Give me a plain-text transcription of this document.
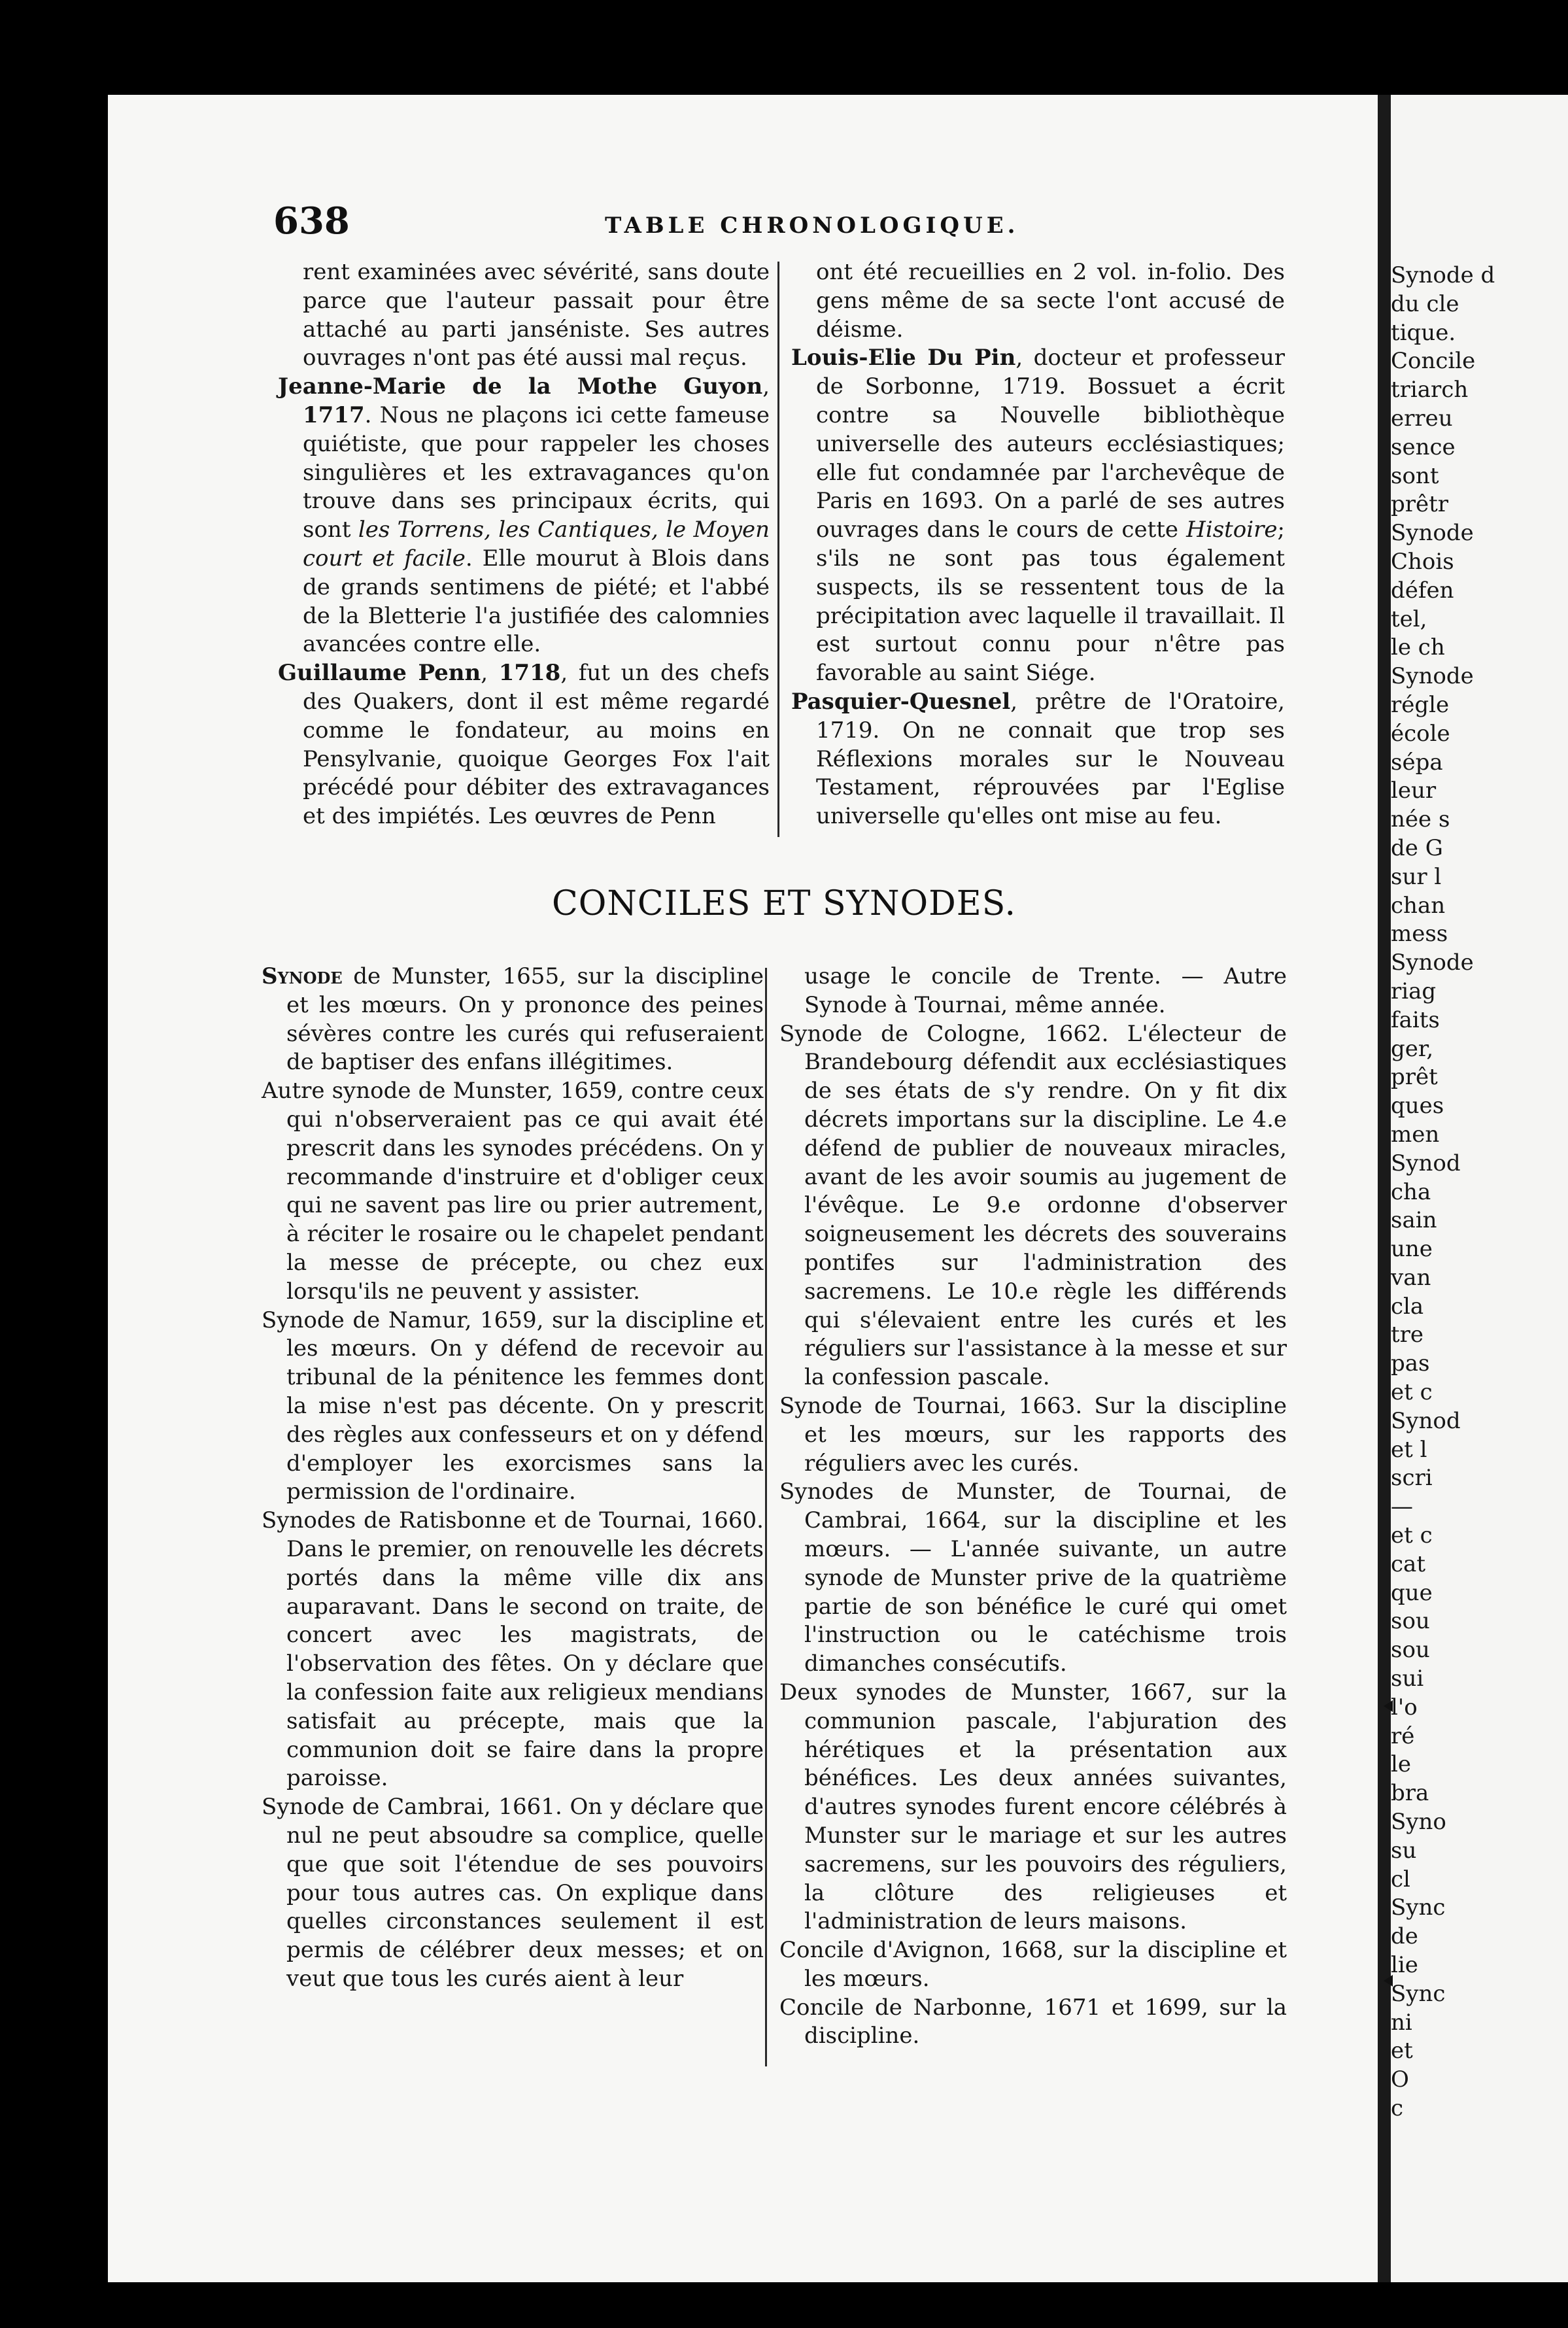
638	TABLE CHRONOLOGIQUE.

rent examinées avec sévérité, sans doute parce que l'auteur passait pour être attaché au parti janséniste. Ses autres ouvrages n'ont pas été aussi mal reçus.

Jeanne-Marie de la Mothe Guyon, 1717. Nous ne plaçons ici cette fameuse quiétiste, que pour rappeler les choses singulières et les extravagances qu'on trouve dans ses principaux écrits, qui sont les Torrens, les Cantiques, le Moyen court et facile. Elle mourut à Blois dans de grands sentimens de piété; et l'abbé de la Bletterie l'a justifiée des calomnies avancées contre elle.

Guillaume Penn, 1718, fut un des chefs des Quakers, dont il est même regardé comme le fondateur, au moins en Pensylvanie, quoique Georges Fox l'ait précédé pour débiter des extravagances et des impiétés. Les œuvres de Penn

ont été recueillies en 2 vol. in-folio. Des gens même de sa secte l'ont accusé de déisme.

Louis-Elie Du Pin, docteur et professeur de Sorbonne, 1719. Bossuet a écrit contre sa Nouvelle bibliothèque universelle des auteurs ecclésiastiques; elle fut condamnée par l'archevêque de Paris en 1693. On a parlé de ses autres ouvrages dans le cours de cette Histoire; s'ils ne sont pas tous également suspects, ils se ressentent tous de la précipitation avec laquelle il travaillait. Il est surtout connu pour n'être pas favorable au saint Siége.

Pasquier-Quesnel, prêtre de l'Oratoire, 1719. On ne connait que trop ses Réflexions morales sur le Nouveau Testament, réprouvées par l'Eglise universelle qu'elles ont mise au feu.

CONCILES ET SYNODES.

Synode de Munster, 1655, sur la discipline et les mœurs. On y prononce des peines sévères contre les curés qui refuseraient de baptiser des enfans illégitimes.

Autre synode de Munster, 1659, contre ceux qui n'observeraient pas ce qui avait été prescrit dans les synodes précédens. On y recommande d'instruire et d'obliger ceux qui ne savent pas lire ou prier autrement, à réciter le rosaire ou le chapelet pendant la messe de précepte, ou chez eux lorsqu'ils ne peuvent y assister.

Synode de Namur, 1659, sur la discipline et les mœurs. On y défend de recevoir au tribunal de la pénitence les femmes dont la mise n'est pas décente. On y prescrit des règles aux confesseurs et on y défend d'employer les exorcismes sans la permission de l'ordinaire.

Synodes de Ratisbonne et de Tournai, 1660. Dans le premier, on renouvelle les décrets portés dans la même ville dix ans auparavant. Dans le second on traite, de concert avec les magistrats, de l'observation des fêtes. On y déclare que la confession faite aux religieux mendians satisfait au précepte, mais que la communion doit se faire dans la propre paroisse.

Synode de Cambrai, 1661. On y déclare que nul ne peut absoudre sa complice, quelle que que soit l'étendue de ses pouvoirs pour tous autres cas. On explique dans quelles circonstances seulement il est permis de célébrer deux messes; et on veut que tous les curés aient à leur

usage le concile de Trente. — Autre Synode à Tournai, même année.

Synode de Cologne, 1662. L'électeur de Brandebourg défendit aux ecclésiastiques de ses états de s'y rendre. On y fit dix décrets importans sur la discipline. Le 4.e défend de publier de nouveaux miracles, avant de les avoir soumis au jugement de l'évêque. Le 9.e ordonne d'observer soigneusement les décrets des souverains pontifes sur l'administration des sacremens. Le 10.e règle les différends qui s'élevaient entre les curés et les réguliers sur l'assistance à la messe et sur la confession pascale.

Synode de Tournai, 1663. Sur la discipline et les mœurs, sur les rapports des réguliers avec les curés.

Synodes de Munster, de Tournai, de Cambrai, 1664, sur la discipline et les mœurs. — L'année suivante, un autre synode de Munster prive de la quatrième partie de son bénéfice le curé qui omet l'instruction ou le catéchisme trois dimanches consécutifs.

Deux synodes de Munster, 1667, sur la communion pascale, l'abjuration des hérétiques et la présentation aux bénéfices. Les deux années suivantes, d'autres synodes furent encore célébrés à Munster sur le mariage et sur les autres sacremens, sur les pouvoirs des réguliers, la clôture des religieuses et l'administration de leurs maisons.

Concile d'Avignon, 1668, sur la discipline et les mœurs.

Concile de Narbonne, 1671 et 1699, sur la discipline.

Synode d
du cle
tique.
Concile
triarch
erreu
sence
sont
prêtr
Synode
Chois
défen
tel,
le ch
Synode
régle
école
sépa
leur
née s
de G
sur l
chan
mess
Synode
riag
faits
ger,
prêt
ques
men
Synod
cha
sain
une
van
cla
tre
pas
et c
Synod
et l
scri
—
et c
cat
que
sou
sou
sui
l'o
ré
le
bra
Syno
su
cl
Sync
de
lie
Sync
ni
et
O
c
